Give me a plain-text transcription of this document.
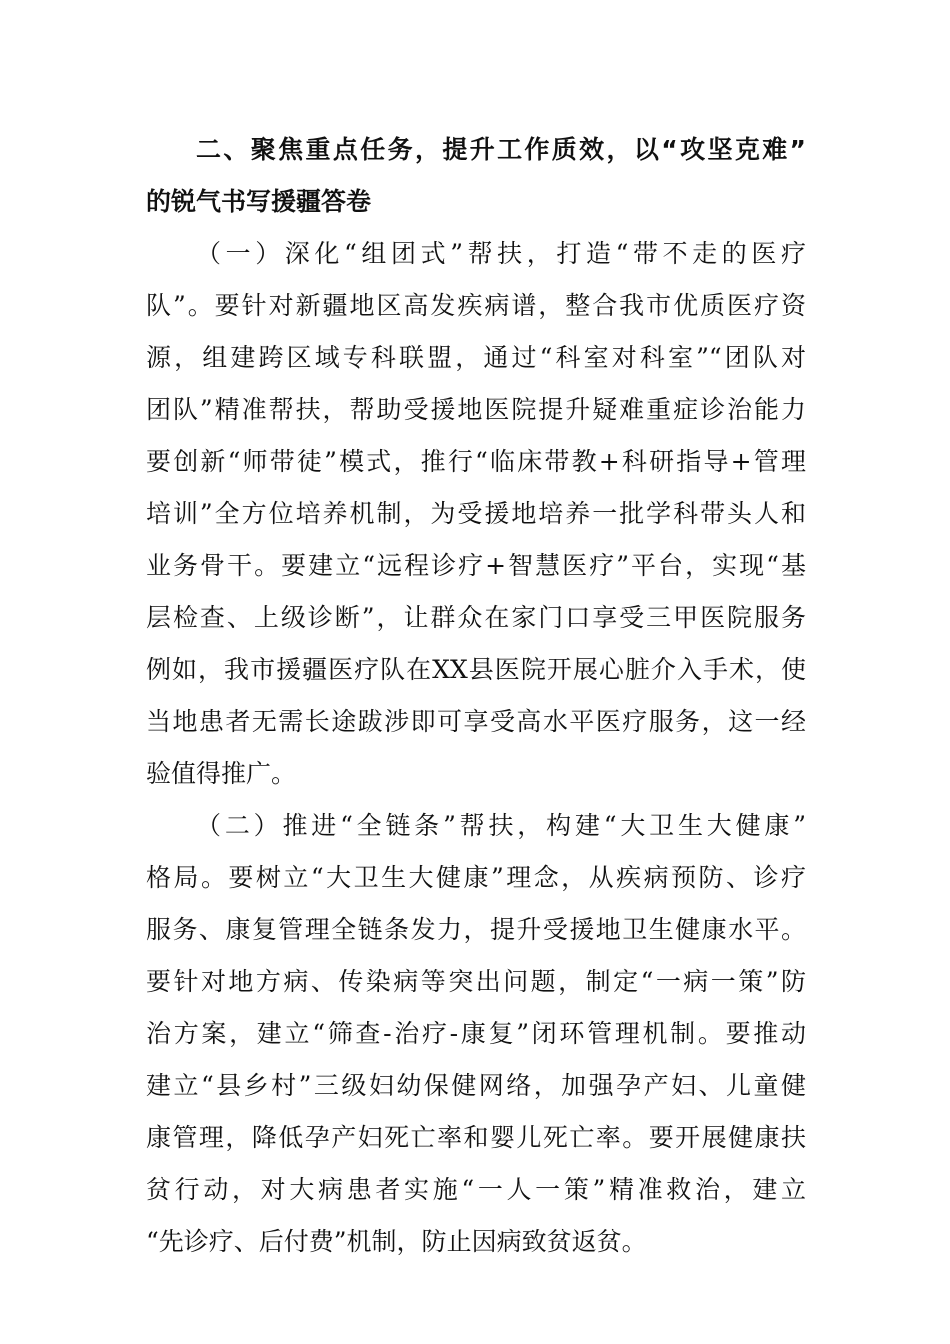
二、聚焦重点任务，提升工作质效，以“攻坚克难”
的锐气书写援疆答卷
（一）深化“组团式”帮扶，打造“带不走的医疗
队”。要针对新疆地区高发疾病谱，整合我市优质医疗资
源，组建跨区域专科联盟，通过“科室对科室”“团队对
团队”精准帮扶，帮助受援地医院提升疑难重症诊治能力
要创新“师带徒”模式，推行“临床带教+科研指导+管理
培训”全方位培养机制，为受援地培养一批学科带头人和
业务骨干。要建立“远程诊疗+智慧医疗”平台，实现“基
层检查、上级诊断”，让群众在家门口享受三甲医院服务
例如，我市援疆医疗队在XX县医院开展心脏介入手术，使
当地患者无需长途跋涉即可享受高水平医疗服务，这一经
验值得推广。
（二）推进“全链条”帮扶，构建“大卫生大健康”
格局。要树立“大卫生大健康”理念，从疾病预防、诊疗
服务、康复管理全链条发力，提升受援地卫生健康水平。
要针对地方病、传染病等突出问题，制定“一病一策”防
治方案，建立“筛查-治疗-康复”闭环管理机制。要推动
建立“县乡村”三级妇幼保健网络，加强孕产妇、儿童健
康管理，降低孕产妇死亡率和婴儿死亡率。要开展健康扶
贫行动，对大病患者实施“一人一策”精准救治，建立
“先诊疗、后付费”机制，防止因病致贫返贫。
